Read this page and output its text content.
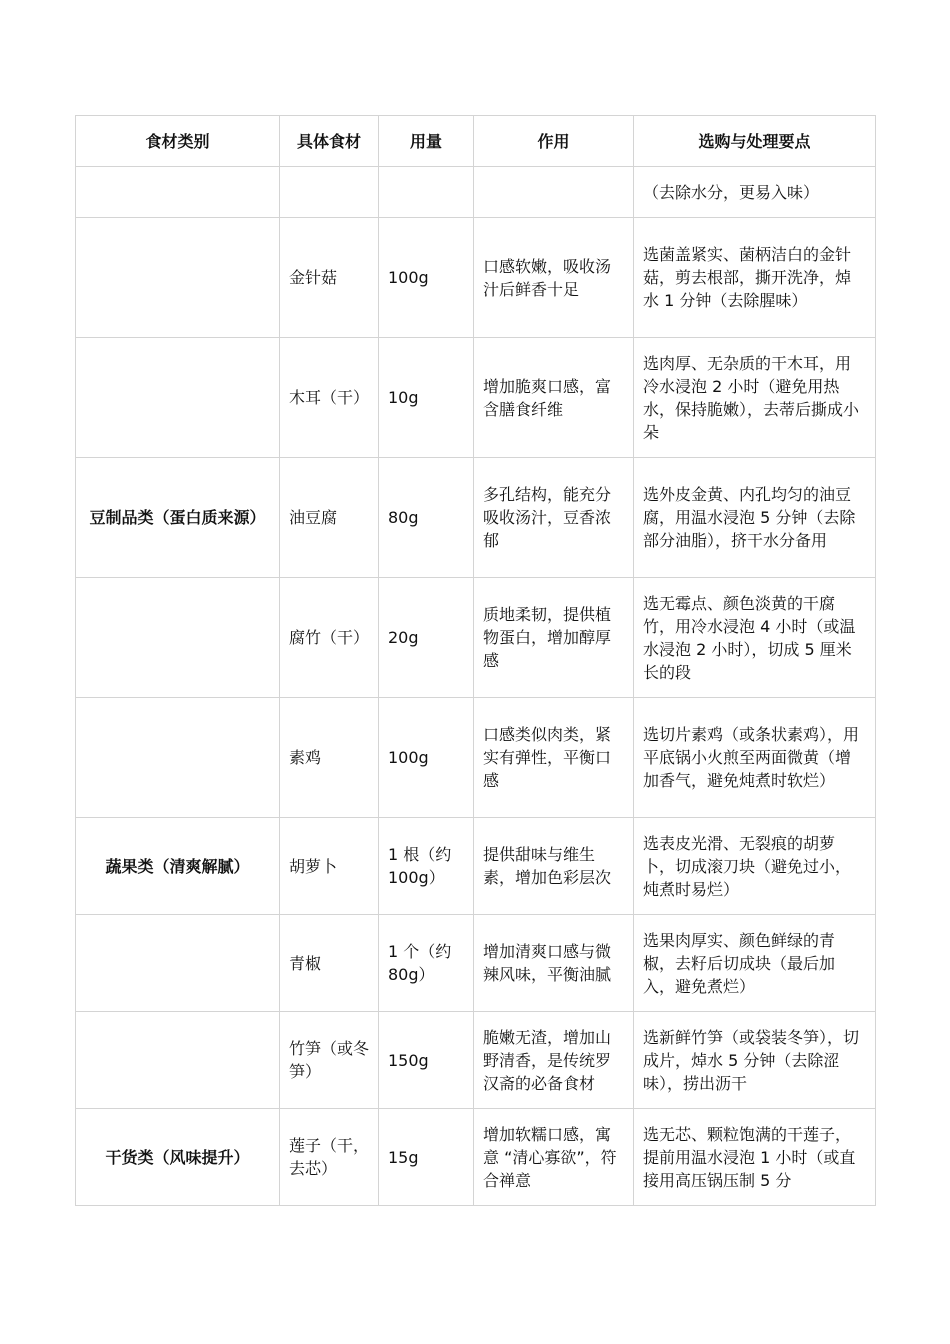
食材类别	具体食材	用量	作用	选购与处理要点
				（去除水分，更易入味）
	金针菇	100g	口感软嫩，吸收汤汁后鲜香十足	选菌盖紧实、菌柄洁白的金针菇，剪去根部，撕开洗净，焯水 1 分钟（去除腥味）
	木耳（干）	10g	增加脆爽口感，富含膳食纤维	选肉厚、无杂质的干木耳，用冷水浸泡 2 小时（避免用热水，保持脆嫩），去蒂后撕成小朵
豆制品类（蛋白质来源）	油豆腐	80g	多孔结构，能充分吸收汤汁，豆香浓郁	选外皮金黄、内孔均匀的油豆腐，用温水浸泡 5 分钟（去除部分油脂），挤干水分备用
	腐竹（干）	20g	质地柔韧，提供植物蛋白，增加醇厚感	选无霉点、颜色淡黄的干腐竹，用冷水浸泡 4 小时（或温水浸泡 2 小时），切成 5 厘米长的段
	素鸡	100g	口感类似肉类，紧实有弹性，平衡口感	选切片素鸡（或条状素鸡），用平底锅小火煎至两面微黄（增加香气，避免炖煮时软烂）
蔬果类（清爽解腻）	胡萝卜	1 根（约 100g）	提供甜味与维生素，增加色彩层次	选表皮光滑、无裂痕的胡萝卜，切成滚刀块（避免过小，炖煮时易烂）
	青椒	1 个（约 80g）	增加清爽口感与微辣风味，平衡油腻	选果肉厚实、颜色鲜绿的青椒，去籽后切成块（最后加入，避免煮烂）
	竹笋（或冬笋）	150g	脆嫩无渣，增加山野清香，是传统罗汉斋的必备食材	选新鲜竹笋（或袋装冬笋），切成片，焯水 5 分钟（去除涩味），捞出沥干
干货类（风味提升）	莲子（干，去芯）	15g	增加软糯口感，寓意 “清心寡欲”，符合禅意	选无芯、颗粒饱满的干莲子，提前用温水浸泡 1 小时（或直接用高压锅压制 5 分
